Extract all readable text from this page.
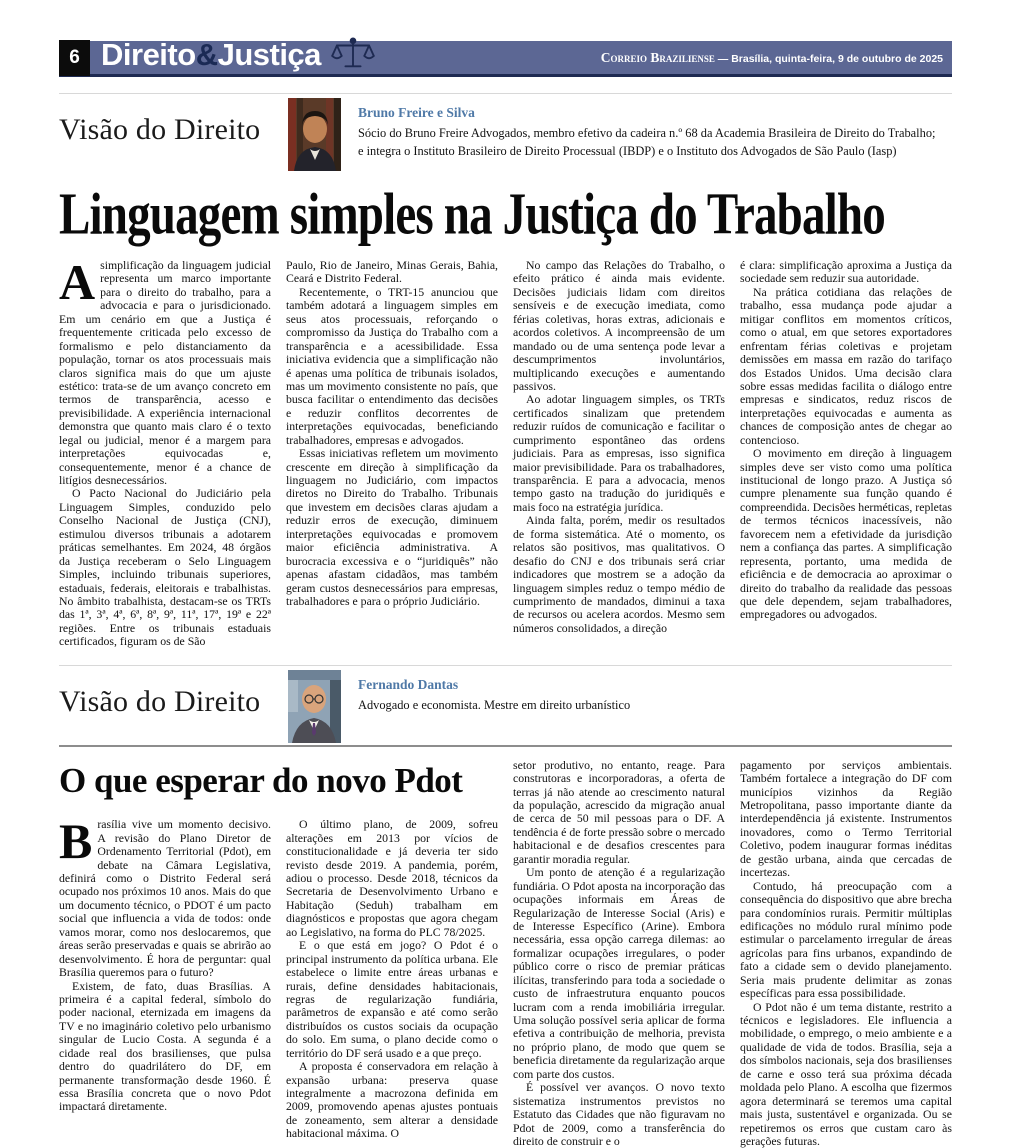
6 Direito & Justiça	Correio Braziliense — Brasília, quinta-feira, 9 de outubro de 2025
Visão do Direito
Bruno Freire e Silva
Sócio do Bruno Freire Advogados, membro efetivo da cadeira n.º 68 da Academia Brasileira de Direito do Trabalho;
e integra o Instituto Brasileiro de Direito Processual (IBDP) e o Instituto dos Advogados de São Paulo (Iasp)
Linguagem simples na Justiça do Trabalho

Asimplificação da linguagem judicial representa um marco importante para o direito do trabalho, para a advocacia e para o jurisdicionado. Em um cenário em que a Justiça é frequentemente criticada pelo excesso de formalismo e pelo distanciamento da população, tornar os atos processuais mais claros significa mais do que um ajuste estético: trata-se de um avanço concreto em termos de transparência, acesso e previsibilidade. A experiência internacional demonstra que quanto mais claro é o texto legal ou judicial, menor é a margem para interpretações equivocadas e, consequentemente, menor é a chance de litígios desnecessários.

O Pacto Nacional do Judiciário pela Linguagem Simples, conduzido pelo Conselho Nacional de Justiça (CNJ), estimulou diversos tribunais a adotarem práticas semelhantes. Em 2024, 48 órgãos da Justiça receberam o Selo Linguagem Simples, incluindo tribunais superiores, estaduais, federais, eleitorais e trabalhistas. No âmbito trabalhista, destacam-se os TRTs das 1ª, 3ª, 4ª, 6ª, 8ª, 9ª, 11ª, 17ª, 19ª e 22ª regiões. Entre os tribunais estaduais certificados, figuram os de São

Paulo, Rio de Janeiro, Minas Gerais, Bahia, Ceará e Distrito Federal.

Recentemente, o TRT-15 anunciou que também adotará a linguagem simples em seus atos processuais, reforçando o compromisso da Justiça do Trabalho com a transparência e a acessibilidade. Essa iniciativa evidencia que a simplificação não é apenas uma política de tribunais isolados, mas um movimento consistente no país, que busca facilitar o entendimento das decisões e reduzir conflitos decorrentes de interpretações equivocadas, beneficiando trabalhadores, empresas e advogados.

Essas iniciativas refletem um movimento crescente em direção à simplificação da linguagem no Judiciário, com impactos diretos no Direito do Trabalho. Tribunais que investem em decisões claras ajudam a reduzir erros de execução, diminuem interpretações equivocadas e promovem maior eficiência administrativa. A burocracia excessiva e o “juridiquês” não apenas afastam cidadãos, mas também geram custos desnecessários para empresas, trabalhadores e para o próprio Judiciário.

No campo das Relações do Trabalho, o efeito prático é ainda mais evidente. Decisões judiciais lidam com direitos sensíveis e de execução imediata, como férias coletivas, horas extras, adicionais e acordos coletivos. A incompreensão de um mandado ou de uma sentença pode levar a descumprimentos involuntários, multiplicando execuções e aumentando passivos.

Ao adotar linguagem simples, os TRTs certificados sinalizam que pretendem reduzir ruídos de comunicação e facilitar o cumprimento espontâneo das ordens judiciais. Para as empresas, isso significa maior previsibilidade. Para os trabalhadores, transparência. E para a advocacia, menos tempo gasto na tradução do juridiquês e mais foco na estratégia jurídica.

Ainda falta, porém, medir os resultados de forma sistemática. Até o momento, os relatos são positivos, mas qualitativos. O desafio do CNJ e dos tribunais será criar indicadores que mostrem se a adoção da linguagem simples reduz o tempo médio de cumprimento de mandados, diminui a taxa de recursos ou acelera acordos. Mesmo sem números consolidados, a direção

é clara: simplificação aproxima a Justiça da sociedade sem reduzir sua autoridade.

Na prática cotidiana das relações de trabalho, essa mudança pode ajudar a mitigar conflitos em momentos críticos, como o atual, em que setores exportadores enfrentam férias coletivas e projetam demissões em massa em razão do tarifaço dos Estados Unidos. Uma decisão clara sobre essas medidas facilita o diálogo entre empresas e sindicatos, reduz riscos de interpretações equivocadas e aumenta as chances de composição antes de chegar ao contencioso.

O movimento em direção à linguagem simples deve ser visto como uma política institucional de longo prazo. A Justiça só cumpre plenamente sua função quando é compreendida. Decisões herméticas, repletas de termos técnicos inacessíveis, não favorecem nem a efetividade da jurisdição nem a confiança das partes. A simplificação representa, portanto, uma medida de eficiência e de democracia ao aproximar o direito do trabalho da realidade das pessoas que dele dependem, sejam trabalhadores, empregadores ou advogados.

Visão do Direito
Fernando Dantas
Advogado e economista. Mestre em direito urbanístico
O que esperar do novo Pdot

Brasília vive um momento decisivo. A revisão do Plano Diretor de Ordenamento Territorial (Pdot), em debate na Câmara Legislativa, definirá como o Distrito Federal será ocupado nos próximos 10 anos. Mais do que um documento técnico, o PDOT é um pacto social que influencia a vida de todos: onde vamos morar, como nos deslocaremos, que áreas serão preservadas e quais se abrirão ao desenvolvimento. É hora de perguntar: qual Brasília queremos para o futuro?

Existem, de fato, duas Brasílias. A primeira é a capital federal, símbolo do poder nacional, eternizada em imagens da TV e no imaginário coletivo pelo urbanismo singular de Lucio Costa. A segunda é a cidade real dos brasilienses, que pulsa dentro do quadrilátero do DF, em permanente transformação desde 1960. É essa Brasília concreta que o novo Pdot impactará diretamente.

O último plano, de 2009, sofreu alterações em 2013 por vícios de constitucionalidade e já deveria ter sido revisto desde 2019. A pandemia, porém, adiou o processo. Desde 2018, técnicos da Secretaria de Desenvolvimento Urbano e Habitação (Seduh) trabalham em diagnósticos e propostas que agora chegam ao Legislativo, na forma do PLC 78/2025.

E o que está em jogo? O Pdot é o principal instrumento da política urbana. Ele estabelece o limite entre áreas urbanas e rurais, define densidades habitacionais, regras de regularização fundiária, parâmetros de expansão e até como serão distribuídos os custos sociais da ocupação do solo. Em suma, o plano decide como o território do DF será usado e a que preço.

A proposta é conservadora em relação à expansão urbana: preserva quase integralmente a macrozona definida em 2009, promovendo apenas ajustes pontuais de zoneamento, sem alterar a densidade habitacional máxima. O

setor produtivo, no entanto, reage. Para construtoras e incorporadoras, a oferta de terras já não atende ao crescimento natural da população, acrescido da migração anual de cerca de 50 mil pessoas para o DF. A tendência é de forte pressão sobre o mercado habitacional e de desafios crescentes para garantir moradia regular.

Um ponto de atenção é a regularização fundiária. O Pdot aposta na incorporação das ocupações informais em Áreas de Regularização de Interesse Social (Aris) e de Interesse Específico (Arine). Embora necessária, essa opção carrega dilemas: ao formalizar ocupações irregulares, o poder público corre o risco de premiar práticas ilícitas, transferindo para toda a sociedade o custo de infraestrutura enquanto poucos lucram com a renda imobiliária irregular. Uma solução possível seria aplicar de forma efetiva a contribuição de melhoria, prevista no próprio plano, de modo que quem se beneficia diretamente da regularização arque com parte dos custos.

É possível ver avanços. O novo texto sistematiza instrumentos previstos no Estatuto das Cidades que não figuravam no Pdot de 2009, como a transferência do direito de construir e o

pagamento por serviços ambientais. Também fortalece a integração do DF com municípios vizinhos da Região Metropolitana, passo importante diante da interdependência já existente. Instrumentos inovadores, como o Termo Territorial Coletivo, podem inaugurar formas inéditas de gestão urbana, ainda que cercadas de incertezas.

Contudo, há preocupação com a consequência do dispositivo que abre brecha para condomínios rurais. Permitir múltiplas edificações no módulo rural mínimo pode estimular o parcelamento irregular de áreas agrícolas para fins urbanos, expandindo de fato a cidade sem o devido planejamento. Seria mais prudente delimitar as zonas específicas para essa possibilidade.

O Pdot não é um tema distante, restrito a técnicos e legisladores. Ele influencia a mobilidade, o emprego, o meio ambiente e a qualidade de vida de todos. Brasília, seja a dos símbolos nacionais, seja dos brasilienses de carne e osso terá sua próxima década moldada pelo Plano. A escolha que fizermos agora determinará se teremos uma capital mais justa, sustentável e organizada. Ou se repetiremos os erros que custam caro às gerações futuras.
